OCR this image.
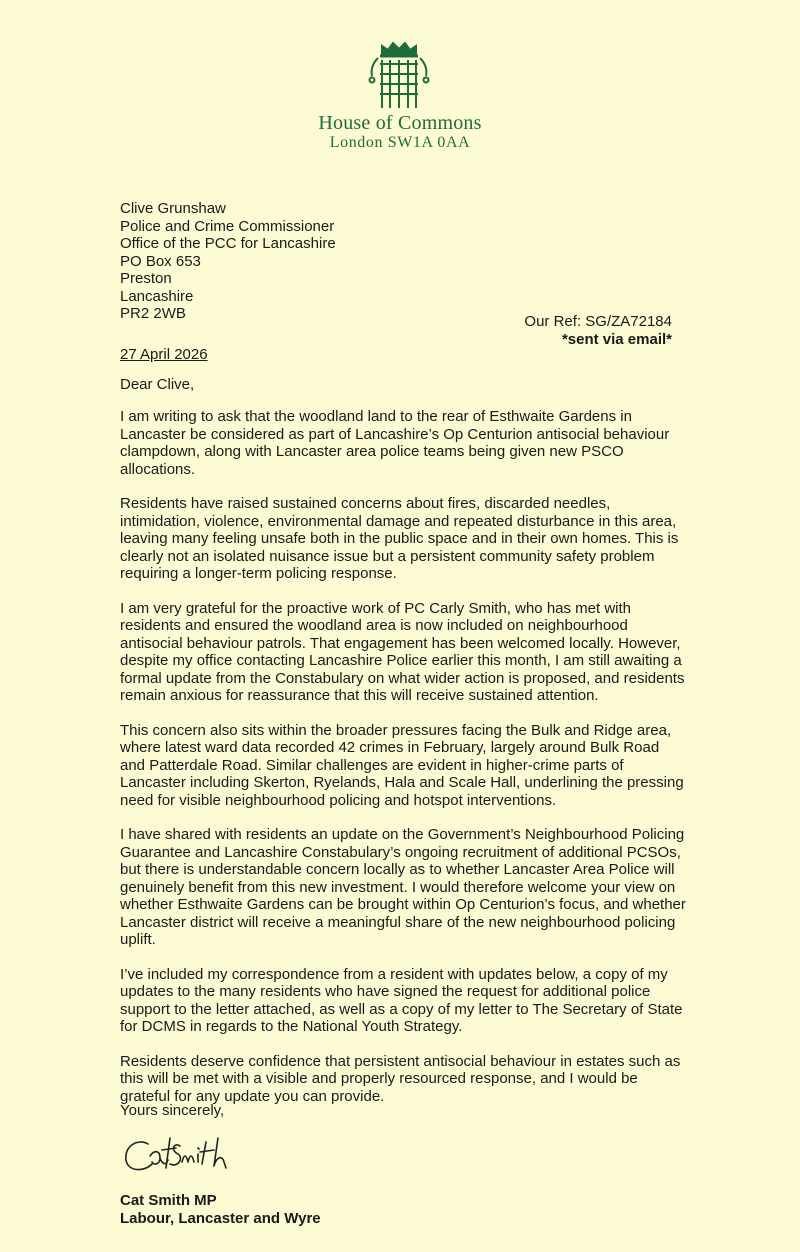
House of Commons
London SW1A 0AA
Clive Grunshaw
Police and Crime Commissioner
Office of the PCC for Lancashire
PO Box 653
Preston
Lancashire
PR2 2WB	Our Ref: SG/ZA72184
*sent via email*
27 April 2026
Dear Clive,

I am writing to ask that the woodland land to the rear of Esthwaite Gardens in Lancaster be considered as part of Lancashire’s Op Centurion antisocial behaviour clampdown, along with Lancaster area police teams being given new PSCO allocations.

Residents have raised sustained concerns about fires, discarded needles, intimidation, violence, environmental damage and repeated disturbance in this area, leaving many feeling unsafe both in the public space and in their own homes. This is clearly not an isolated nuisance issue but a persistent community safety problem requiring a longer-term policing response.

I am very grateful for the proactive work of PC Carly Smith, who has met with residents and ensured the woodland area is now included on neighbourhood antisocial behaviour patrols. That engagement has been welcomed locally. However, despite my office contacting Lancashire Police earlier this month, I am still awaiting a formal update from the Constabulary on what wider action is proposed, and residents remain anxious for reassurance that this will receive sustained attention.

This concern also sits within the broader pressures facing the Bulk and Ridge area, where latest ward data recorded 42 crimes in February, largely around Bulk Road and Patterdale Road. Similar challenges are evident in higher-crime parts of Lancaster including Skerton, Ryelands, Hala and Scale Hall, underlining the pressing need for visible neighbourhood policing and hotspot interventions.

I have shared with residents an update on the Government’s Neighbourhood Policing Guarantee and Lancashire Constabulary’s ongoing recruitment of additional PCSOs, but there is understandable concern locally as to whether Lancaster Area Police will genuinely benefit from this new investment. I would therefore welcome your view on whether Esthwaite Gardens can be brought within Op Centurion’s focus, and whether Lancaster district will receive a meaningful share of the new neighbourhood policing uplift.

I’ve included my correspondence from a resident with updates below, a copy of my updates to the many residents who have signed the request for additional police support to the letter attached, as well as a copy of my letter to The Secretary of State for DCMS in regards to the National Youth Strategy.

Residents deserve confidence that persistent antisocial behaviour in estates such as this will be met with a visible and properly resourced response, and I would be grateful for any update you can provide.

Yours sincerely,
Cat Smith MP
Labour, Lancaster and Wyre
